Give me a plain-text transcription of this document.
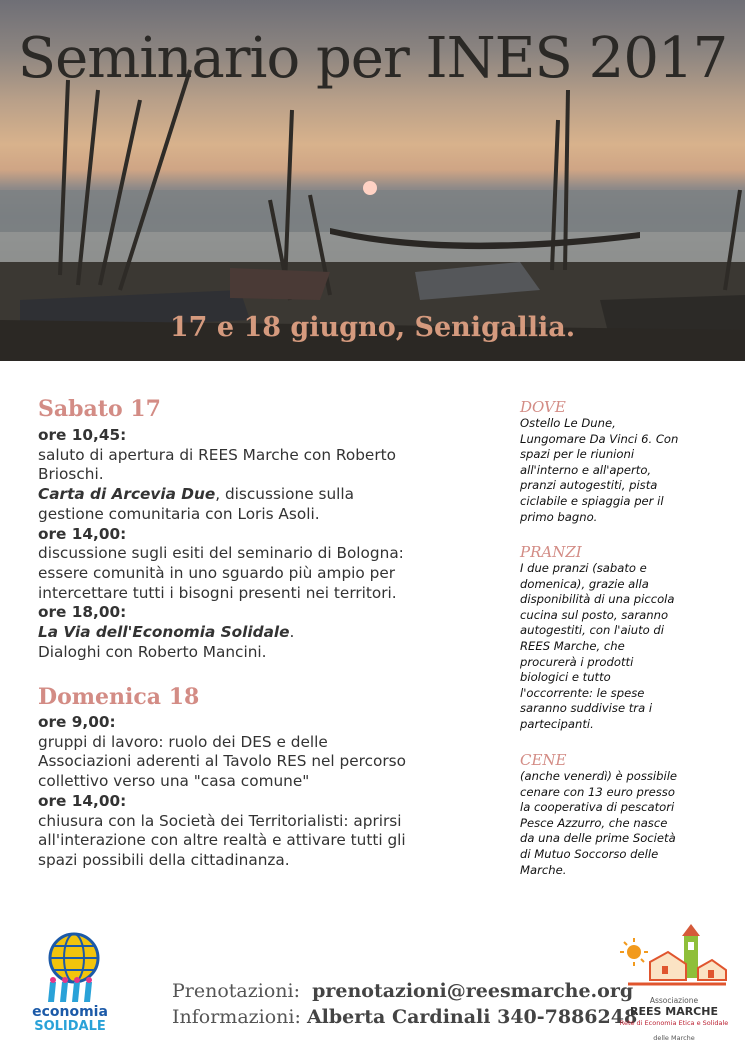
Seminario per INES 2017
17 e 18 giugno, Senigallia.
Sabato 17
ore 10,45:
saluto di apertura di REES Marche con Roberto
Brioschi.
Carta di Arcevia Due, discussione sulla
gestione comunitaria con Loris Asoli.
ore 14,00:
discussione sugli esiti del seminario di Bologna:
essere comunità in uno sguardo più ampio per
intercettare tutti i bisogni presenti nei territori.
ore 18,00:
La Via dell'Economia Solidale.
Dialoghi con Roberto Mancini.
Domenica 18
ore 9,00:
gruppi di lavoro: ruolo dei DES e delle
Associazioni aderenti al Tavolo RES nel percorso
collettivo verso una "casa comune"
ore 14,00:
chiusura con la Società dei Territorialisti: aprirsi
all'interazione con altre realtà e attivare tutti gli
spazi possibili della cittadinanza.
DOVE

Ostello Le Dune,
Lungomare Da Vinci 6. Con
spazi per le riunioni
all'interno e all'aperto,
pranzi autogestiti, pista
ciclabile e spiaggia per il
primo bagno.

PRANZI

I due pranzi (sabato e
domenica), grazie alla
disponibilità di una piccola
cucina sul posto, saranno
autogestiti, con l'aiuto di
REES Marche, che
procurerà i prodotti
biologici e tutto
l'occorrente: le spese
saranno suddivise tra i
partecipanti.

CENE

(anche venerdì) è possibile
cenare con 13 euro presso
la cooperativa di pescatori
Pesce Azzurro, che nasce
da una delle prime Società
di Mutuo Soccorso delle
Marche.

economia
SOLIDALE
Prenotazioni: prenotazioni@reesmarche.org
Informazioni: Alberta Cardinali 340-7886248
Associazione
REES MARCHE
Rete di Economia Etica e Solidale
delle Marche
